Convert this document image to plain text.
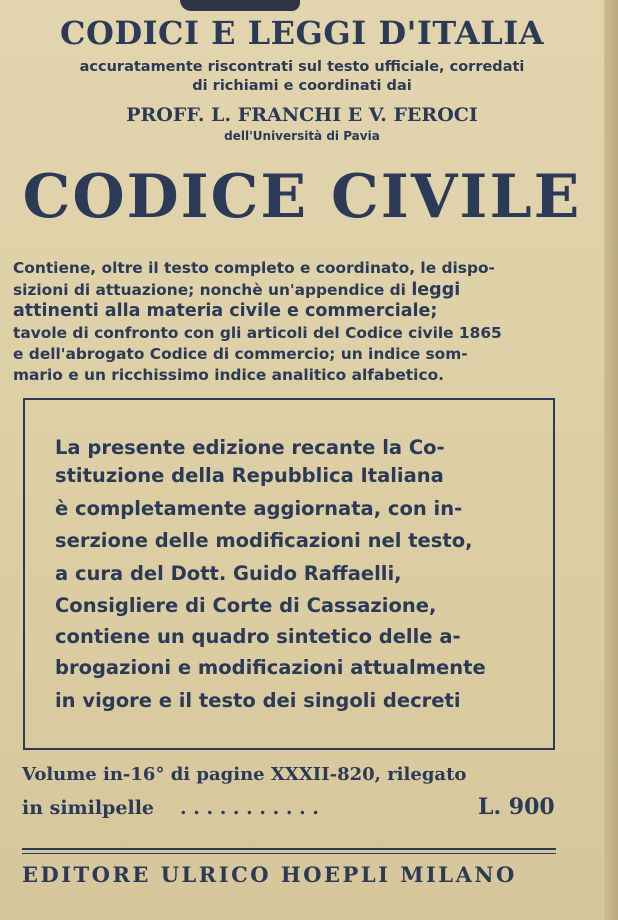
CODICI E LEGGI D'ITALIA
accuratamente riscontrati sul testo ufficiale, corredati
di richiami e coordinati dai
PROFF. L. FRANCHI E V. FEROCI
dell'Università di Pavia
CODICE CIVILE
Contiene, oltre il testo completo e coordinato, le dispo-
sizioni di attuazione; nonchè un'appendice di leggi
attinenti alla materia civile e commerciale;
tavole di confronto con gli articoli del Codice civile 1865
e dell'abrogato Codice di commercio; un indice som-
mario e un ricchissimo indice analitico alfabetico.
La presente edizione recante la Co-
stituzione della Repubblica Italiana
è completamente aggiornata, con in-
serzione delle modificazioni nel testo,
a cura del Dott. Guido Raffaelli,
Consigliere di Corte di Cassazione,
contiene un quadro sintetico delle a-
brogazioni e modificazioni attualmente
in vigore e il testo dei singoli decreti
Volume in-16° di pagine XXXII-820, rilegato
in similpelle . . . . . . . . . . .	L. 900
EDITORE ULRICO HOEPLI MILANO
